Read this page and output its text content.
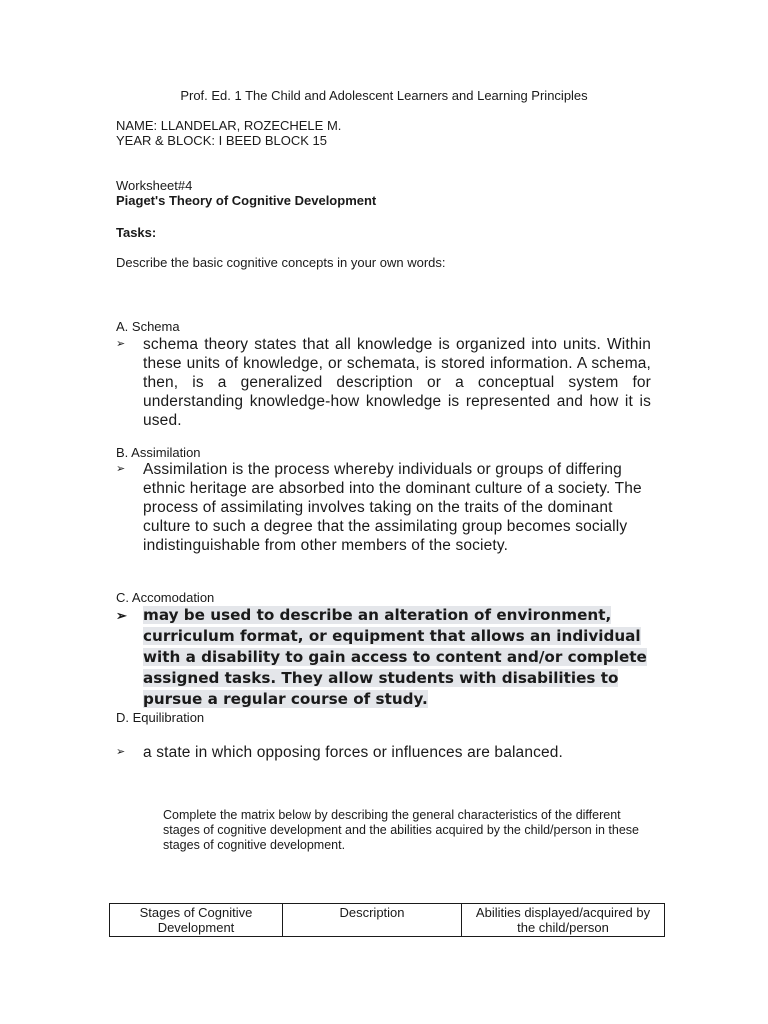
Prof. Ed. 1 The Child and Adolescent Learners and Learning Principles
NAME: LLANDELAR, ROZECHELE M.
YEAR & BLOCK: I BEED BLOCK 15
Worksheet#4
Piaget's Theory of Cognitive Development
Tasks:
Describe the basic cognitive concepts in your own words:
A. Schema
➢ schema theory states that all knowledge is organized into units. Within these units of knowledge, or schemata, is stored information. A schema, then, is a generalized description or a conceptual system for understanding knowledge-how knowledge is represented and how it is used.
B. Assimilation
➢ Assimilation is the process whereby individuals or groups of differing ethnic heritage are absorbed into the dominant culture of a society. The process of assimilating involves taking on the traits of the dominant culture to such a degree that the assimilating group becomes socially indistinguishable from other members of the society.
C. Accomodation
➢ may be used to describe an alteration of environment, curriculum format, or equipment that allows an individual with a disability to gain access to content and/or complete assigned tasks. They allow students with disabilities to pursue a regular course of study.
D. Equilibration
➢ a state in which opposing forces or influences are balanced.
Complete the matrix below by describing the general characteristics of the different stages of cognitive development and the abilities acquired by the child/person in these stages of cognitive development.
Stages of Cognitive Development	Description	Abilities displayed/acquired by the child/person
